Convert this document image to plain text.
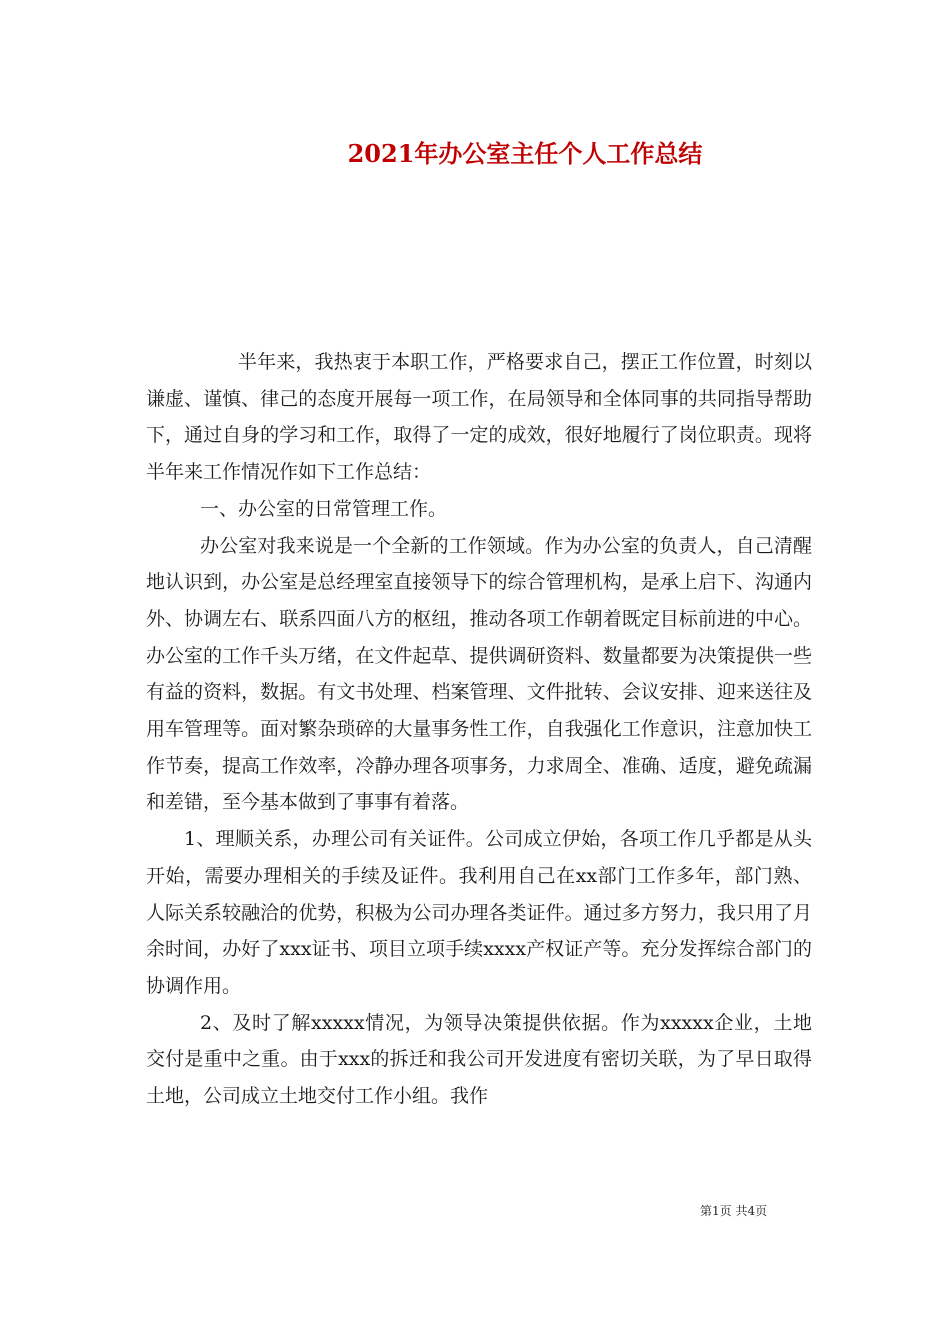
2021年办公室主任个人工作总结

半年来，我热衷于本职工作，严格要求自己，摆正工作位置，时刻以谦虚、谨慎、律己的态度开展每一项工作，在局领导和全体同事的共同指导帮助下，通过自身的学习和工作，取得了一定的成效，很好地履行了岗位职责。现将半年来工作情况作如下工作总结：

一、办公室的日常管理工作。

办公室对我来说是一个全新的工作领域。作为办公室的负责人，自己清醒地认识到，办公室是总经理室直接领导下的综合管理机构，是承上启下、沟通内外、协调左右、联系四面八方的枢纽，推动各项工作朝着既定目标前进的中心。办公室的工作千头万绪，在文件起草、提供调研资料、数量都要为决策提供一些有益的资料，数据。有文书处理、档案管理、文件批转、会议安排、迎来送往及用车管理等。面对繁杂琐碎的大量事务性工作，自我强化工作意识，注意加快工作节奏，提高工作效率，冷静办理各项事务，力求周全、准确、适度，避免疏漏和差错，至今基本做到了事事有着落。

1、理顺关系，办理公司有关证件。公司成立伊始，各项工作几乎都是从头开始，需要办理相关的手续及证件。我利用自己在xx部门工作多年，部门熟、人际关系较融洽的优势，积极为公司办理各类证件。通过多方努力，我只用了月余时间，办好了xxx证书、项目立项手续xxxx产权证产等。充分发挥综合部门的协调作用。

2、及时了解xxxxx情况，为领导决策提供依据。作为xxxxx企业，土地交付是重中之重。由于xxx的拆迁和我公司开发进度有密切关联，为了早日取得土地，公司成立土地交付工作小组。我作

第1页 共4页
